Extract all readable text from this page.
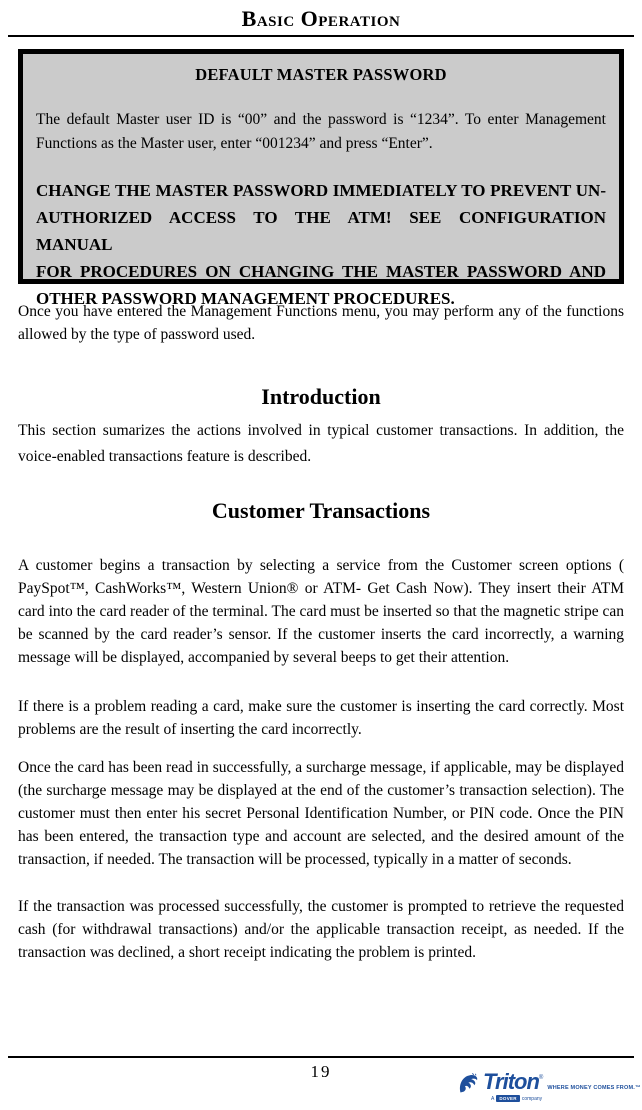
Basic Operation
DEFAULT MASTER PASSWORD
The default Master user ID is “00” and the password is “1234”. To enter Management Functions as the Master user, enter “001234” and press “Enter”.
CHANGE THE MASTER PASSWORD IMMEDIATELY TO PREVENT UN-
AUTHORIZED ACCESS TO THE ATM! SEE CONFIGURATION MANUAL
FOR PROCEDURES ON CHANGING THE MASTER PASSWORD AND
OTHER PASSWORD MANAGEMENT PROCEDURES.

Once you have entered the Management Functions menu, you may perform any of the functions allowed by the type of password used.

Introduction

This section sumarizes the actions involved in typical customer transactions. In addition, the voice-enabled transactions feature is described.

Customer Transactions

A customer begins a transaction by selecting a service from the Customer screen options ( PaySpot™, CashWorks™, Western Union® or ATM- Get Cash Now). They insert their ATM card into the card reader of the terminal. The card must be inserted so that the magnetic stripe can be scanned by the card reader’s sensor. If the customer inserts the card incorrectly, a warning message will be displayed, accompanied by several beeps to get their attention.

If there is a problem reading a card, make sure the customer is inserting the card correctly. Most problems are the result of inserting the card incorrectly.

Once the card has been read in successfully, a surcharge message, if applicable, may be displayed (the surcharge message may be displayed at the end of the customer’s transaction selection). The customer must then enter his secret Personal Identification Number, or PIN code. Once the PIN has been entered, the transaction type and account are selected, and the desired amount of the transaction, if needed. The transaction will be processed, typically in a matter of seconds.

If the transaction was processed successfully, the customer is prompted to retrieve the requested cash (for withdrawal transactions) and/or the applicable transaction receipt, as needed. If the transaction was declined, a short receipt indicating the problem is printed.

19	Triton ®
WHERE MONEY COMES FROM.™
A	DOVER	company
